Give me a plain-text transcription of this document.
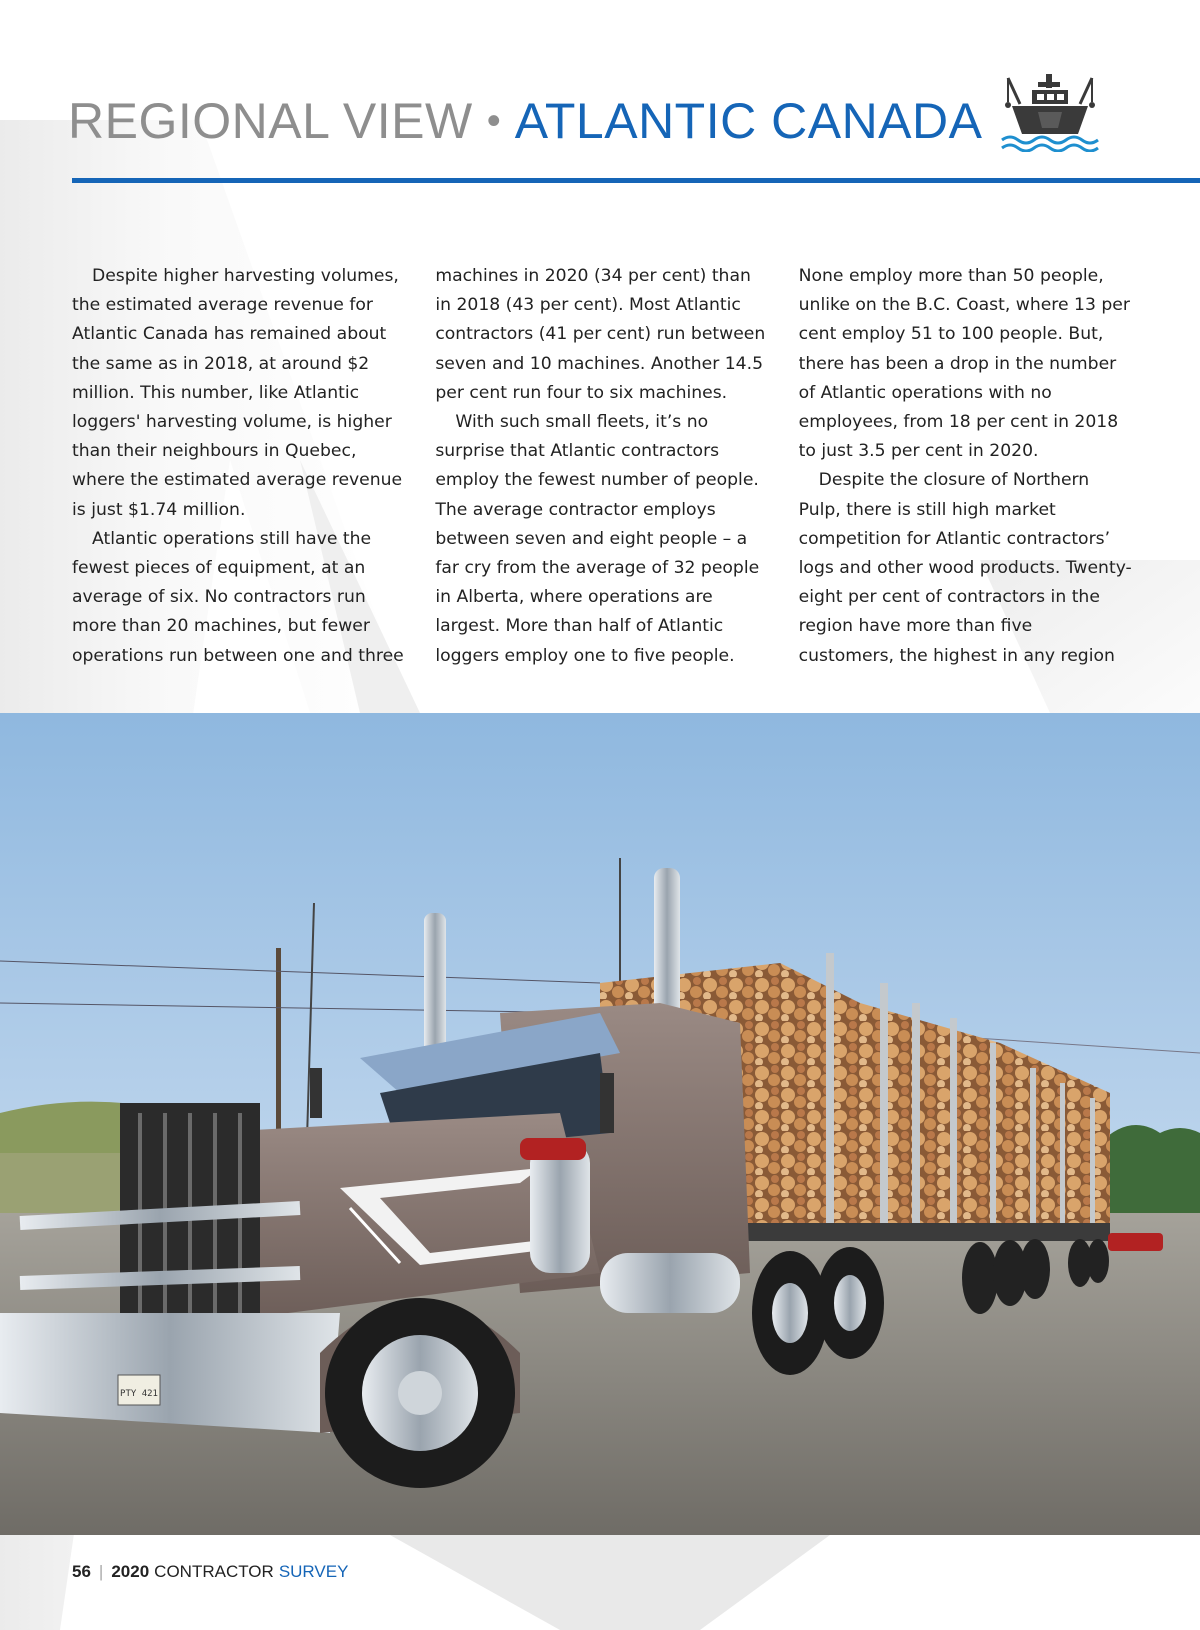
REGIONAL VIEW • ATLANTIC CANADA

Despite higher harvesting volumes, the estimated average revenue for Atlantic Canada has remained about the same as in 2018, at around $2 million. This number, like Atlantic loggers' harvesting volume, is higher than their neighbours in Quebec, where the estimated average revenue is just $1.74 million.

Atlantic operations still have the fewest pieces of equipment, at an average of six. No contractors run more than 20 machines, but fewer operations run between one and three

machines in 2020 (34 per cent) than in 2018 (43 per cent). Most Atlantic contractors (41 per cent) run between seven and 10 machines. Another 14.5 per cent run four to six machines.

With such small fleets, it’s no surprise that Atlantic contractors employ the fewest number of people. The average contractor employs between seven and eight people – a far cry from the average of 32 people in Alberta, where operations are largest. More than half of Atlantic loggers employ one to five people.

None employ more than 50 people, unlike on the B.C. Coast, where 13 per cent employ 51 to 100 people. But, there has been a drop in the number of Atlantic operations with no employees, from 18 per cent in 2018 to just 3.5 per cent in 2020.

Despite the closure of Northern Pulp, there is still high market competition for Atlantic contractors’ logs and other wood products. Twenty-eight per cent of contractors in the region have more than five customers, the highest in any region

PTY 421
56 | 2020 CONTRACTOR SURVEY
